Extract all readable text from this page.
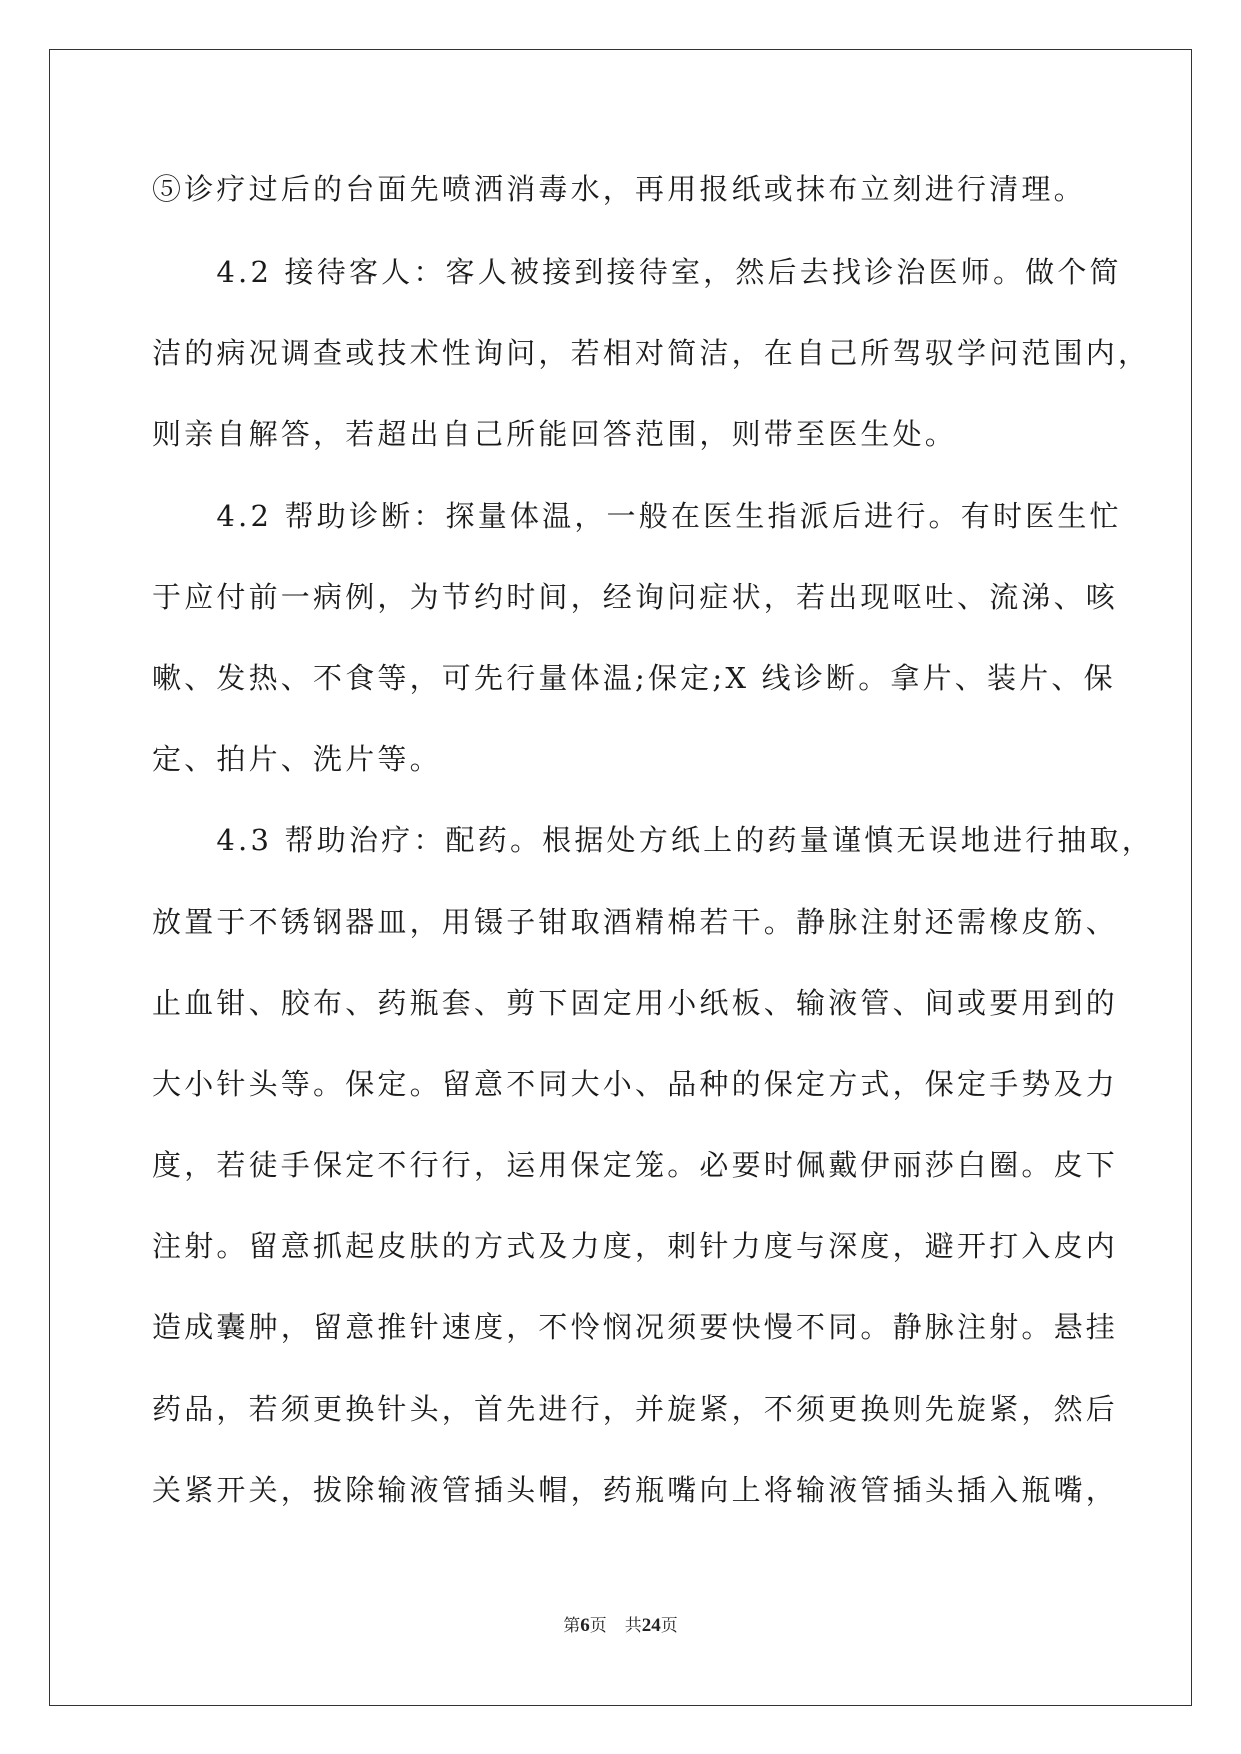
⑤诊疗过后的台面先喷洒消毒水，再用报纸或抹布立刻进行清理。
　　4.2 接待客人：客人被接到接待室，然后去找诊治医师。做个简
洁的病况调查或技术性询问，若相对简洁，在自己所驾驭学问范围内，
则亲自解答，若超出自己所能回答范围，则带至医生处。
　　4.2 帮助诊断：探量体温，一般在医生指派后进行。有时医生忙
于应付前一病例，为节约时间，经询问症状，若出现呕吐、流涕、咳
嗽、发热、不食等，可先行量体温;保定;X 线诊断。拿片、装片、保
定、拍片、洗片等。
　　4.3 帮助治疗：配药。根据处方纸上的药量谨慎无误地进行抽取，
放置于不锈钢器皿，用镊子钳取酒精棉若干。静脉注射还需橡皮筋、
止血钳、胶布、药瓶套、剪下固定用小纸板、输液管、间或要用到的
大小针头等。保定。留意不同大小、品种的保定方式，保定手势及力
度，若徒手保定不行行，运用保定笼。必要时佩戴伊丽莎白圈。皮下
注射。留意抓起皮肤的方式及力度，刺针力度与深度，避开打入皮内
造成囊肿，留意推针速度，不怜悯况须要快慢不同。静脉注射。悬挂
药品，若须更换针头，首先进行，并旋紧，不须更换则先旋紧，然后
关紧开关，拔除输液管插头帽，药瓶嘴向上将输液管插头插入瓶嘴，
第6页 共24页
